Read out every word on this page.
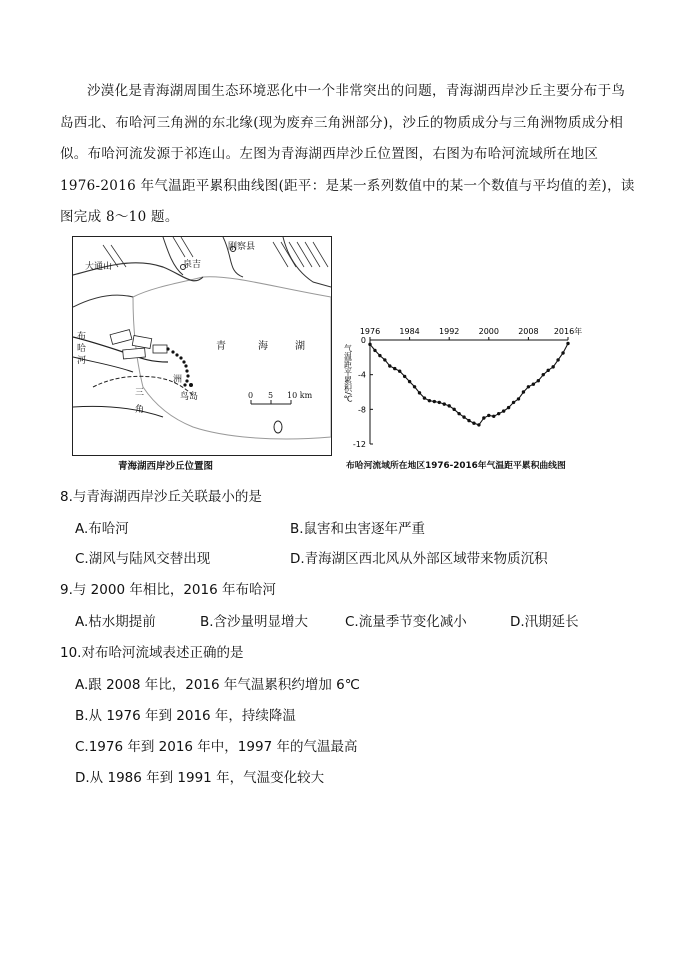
沙漠化是青海湖周围生态环境恶化中一个非常突出的问题，青海湖西岸沙丘主要分布于鸟岛西北、布哈河三角洲的东北缘(现为废弃三角洲部分)，沙丘的物质成分与三角洲物质成分相似。布哈河流发源于祁连山。左图为青海湖西岸沙丘位置图，右图为布哈河流域所在地区 1976-2016 年气温距平累积曲线图(距平：是某一系列数值中的某一个数值与平均值的差)，读图完成 8～10 题。
大通山
刚察县
泉吉
青	海	湖
布
哈
河
三
角
洲
鸟岛	0 5 10 km
青海湖西岸沙丘位置图
1976 1984 1992 2000 2008 2016年
0
-4
-8
-12
气温距平累积/℃
布哈河流域所在地区1976-2016年气温距平累积曲线图
8.与青海湖西岸沙丘关联最小的是
A.布哈河	B.鼠害和虫害逐年严重
C.湖风与陆风交替出现	D.青海湖区西北风从外部区域带来物质沉积
9.与 2000 年相比，2016 年布哈河
A.枯水期提前	B.含沙量明显增大	C.流量季节变化减小	D.汛期延长
10.对布哈河流域表述正确的是
A.跟 2008 年比，2016 年气温累积约增加 6℃
B.从 1976 年到 2016 年，持续降温
C.1976 年到 2016 年中，1997 年的气温最高
D.从 1986 年到 1991 年，气温变化较大
